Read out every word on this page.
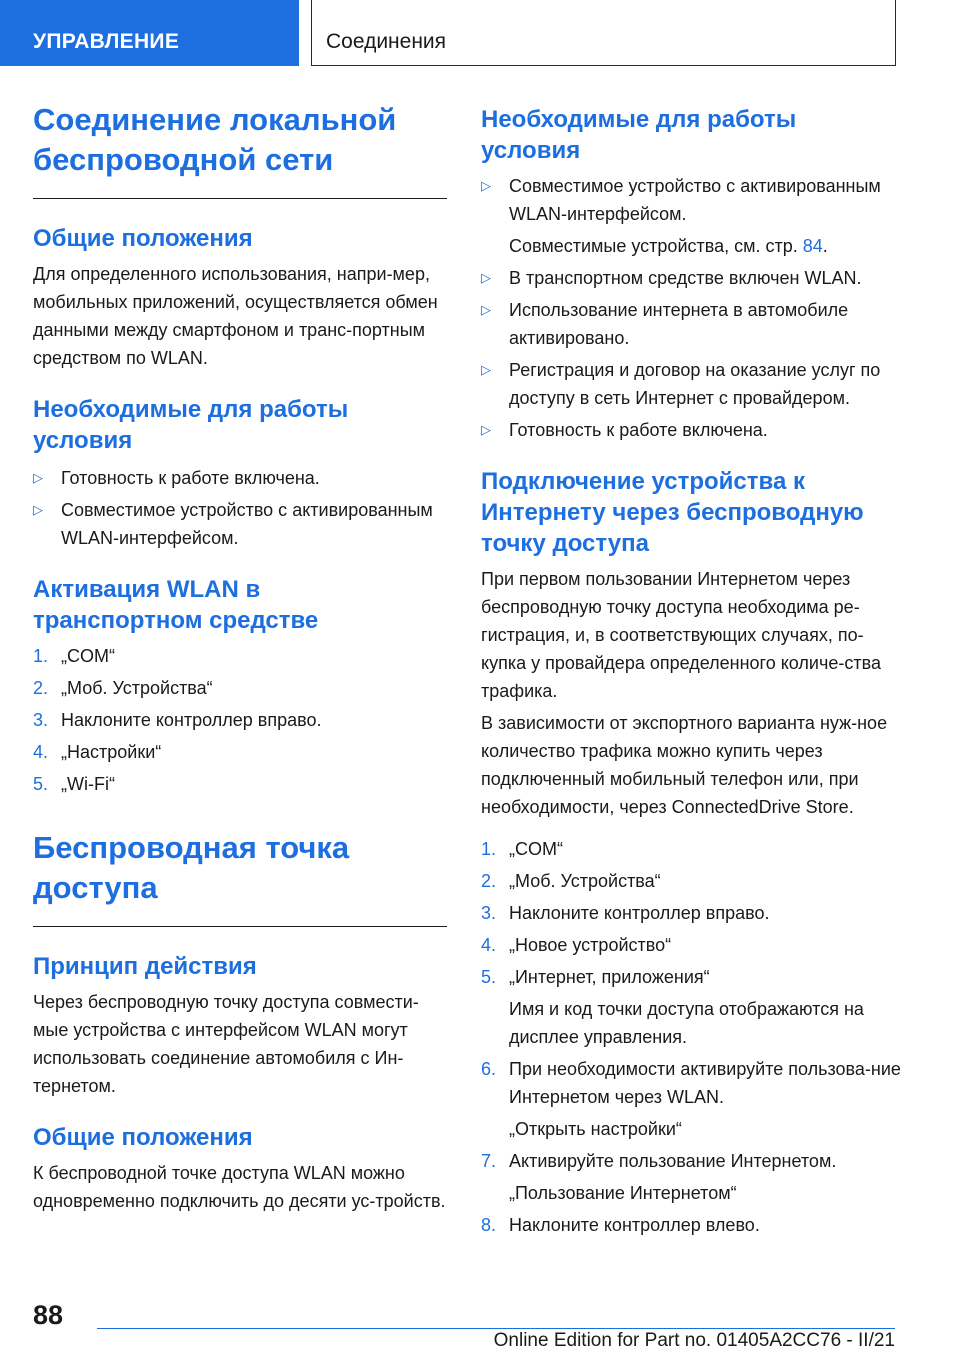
УПРАВЛЕНИЕ	Соединения
Соединение локальной беспроводной сети
Общие положения
Для определенного использования, напри-мер, мобильных приложений, осуществляется обмен данными между смартфоном и транс-портным средством по WLAN.
Необходимые для работы условия
▷	Готовность к работе включена.
▷	Совместимое устройство с активированным WLAN-интерфейсом.
Активация WLAN в транспортном средстве
1. „COM“
2. „Моб. Устройства“
3. Наклоните контроллер вправо.
4. „Настройки“
5. „Wi-Fi“
Беспроводная точка доступа
Принцип действия
Через беспроводную точку доступа совмести-мые устройства с интерфейсом WLAN могут использовать соединение автомобиля с Ин-тернетом.
Общие положения
К беспроводной точке доступа WLAN можно одновременно подключить до десяти ус-тройств.
Необходимые для работы условия
▷	Совместимое устройство с активированным WLAN-интерфейсом.
Совместимые устройства, см. стр. 84.
▷	В транспортном средстве включен WLAN.
▷	Использование интернета в автомобиле активировано.
▷	Регистрация и договор на оказание услуг по доступу в сеть Интернет с провайдером.
▷	Готовность к работе включена.
Подключение устройства к Интернету через беспроводную точку доступа
При первом пользовании Интернетом через беспроводную точку доступа необходима ре-гистрация, и, в соответствующих случаях, по-купка у провайдера определенного количе-ства трафика.
В зависимости от экспортного варианта нуж-ное количество трафика можно купить через подключенный мобильный телефон или, при необходимости, через ConnectedDrive Store.
1. „COM“
2. „Моб. Устройства“
3. Наклоните контроллер вправо.
4. „Новое устройство“
5. „Интернет, приложения“
Имя и код точки доступа отображаются на дисплее управления.
6. При необходимости активируйте пользова-ние Интернетом через WLAN.
„Открыть настройки“
7. Активируйте пользование Интернетом.
„Пользование Интернетом“
8. Наклоните контроллер влево.
88
Online Edition for Part no. 01405A2CC76 - II/21
